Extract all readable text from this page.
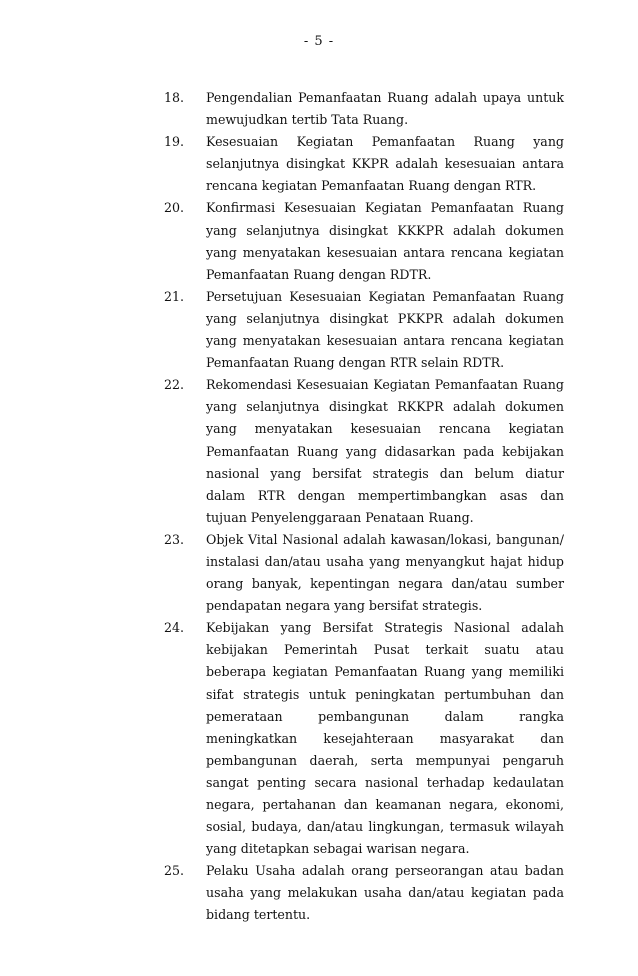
- 5 -
18.	Pengendalian Pemanfaatan Ruang adalah upaya untuk mewujudkan tertib Tata Ruang.
19.	Kesesuaian Kegiatan Pemanfaatan Ruang yang selanjutnya disingkat KKPR adalah kesesuaian antara rencana kegiatan Pemanfaatan Ruang dengan RTR.
20.	Konfirmasi Kesesuaian Kegiatan Pemanfaatan Ruang yang selanjutnya disingkat KKKPR adalah dokumen yang menyatakan kesesuaian antara rencana kegiatan Pemanfaatan Ruang dengan RDTR.
21.	Persetujuan Kesesuaian Kegiatan Pemanfaatan Ruang yang selanjutnya disingkat PKKPR adalah dokumen yang menyatakan kesesuaian antara rencana kegiatan Pemanfaatan Ruang dengan RTR selain RDTR.
22.	Rekomendasi Kesesuaian Kegiatan Pemanfaatan Ruang yang selanjutnya disingkat RKKPR adalah dokumen yang menyatakan kesesuaian rencana kegiatan Pemanfaatan Ruang yang didasarkan pada kebijakan nasional yang bersifat strategis dan belum diatur dalam RTR dengan mempertimbangkan asas dan tujuan Penyelenggaraan Penataan Ruang.
23.	Objek Vital Nasional adalah kawasan/lokasi, bangunan/ instalasi dan/atau usaha yang menyangkut hajat hidup orang banyak, kepentingan negara dan/atau sumber pendapatan negara yang bersifat strategis.
24.	Kebijakan yang Bersifat Strategis Nasional adalah kebijakan Pemerintah Pusat terkait suatu atau beberapa kegiatan Pemanfaatan Ruang yang memiliki sifat strategis untuk peningkatan pertumbuhan dan pemerataan pembangunan dalam rangka meningkatkan kesejahteraan masyarakat dan pembangunan daerah, serta mempunyai pengaruh sangat penting secara nasional terhadap kedaulatan negara, pertahanan dan keamanan negara, ekonomi, sosial, budaya, dan/atau lingkungan, termasuk wilayah yang ditetapkan sebagai warisan negara.
25.	Pelaku Usaha adalah orang perseorangan atau badan usaha yang melakukan usaha dan/atau kegiatan pada bidang tertentu.
